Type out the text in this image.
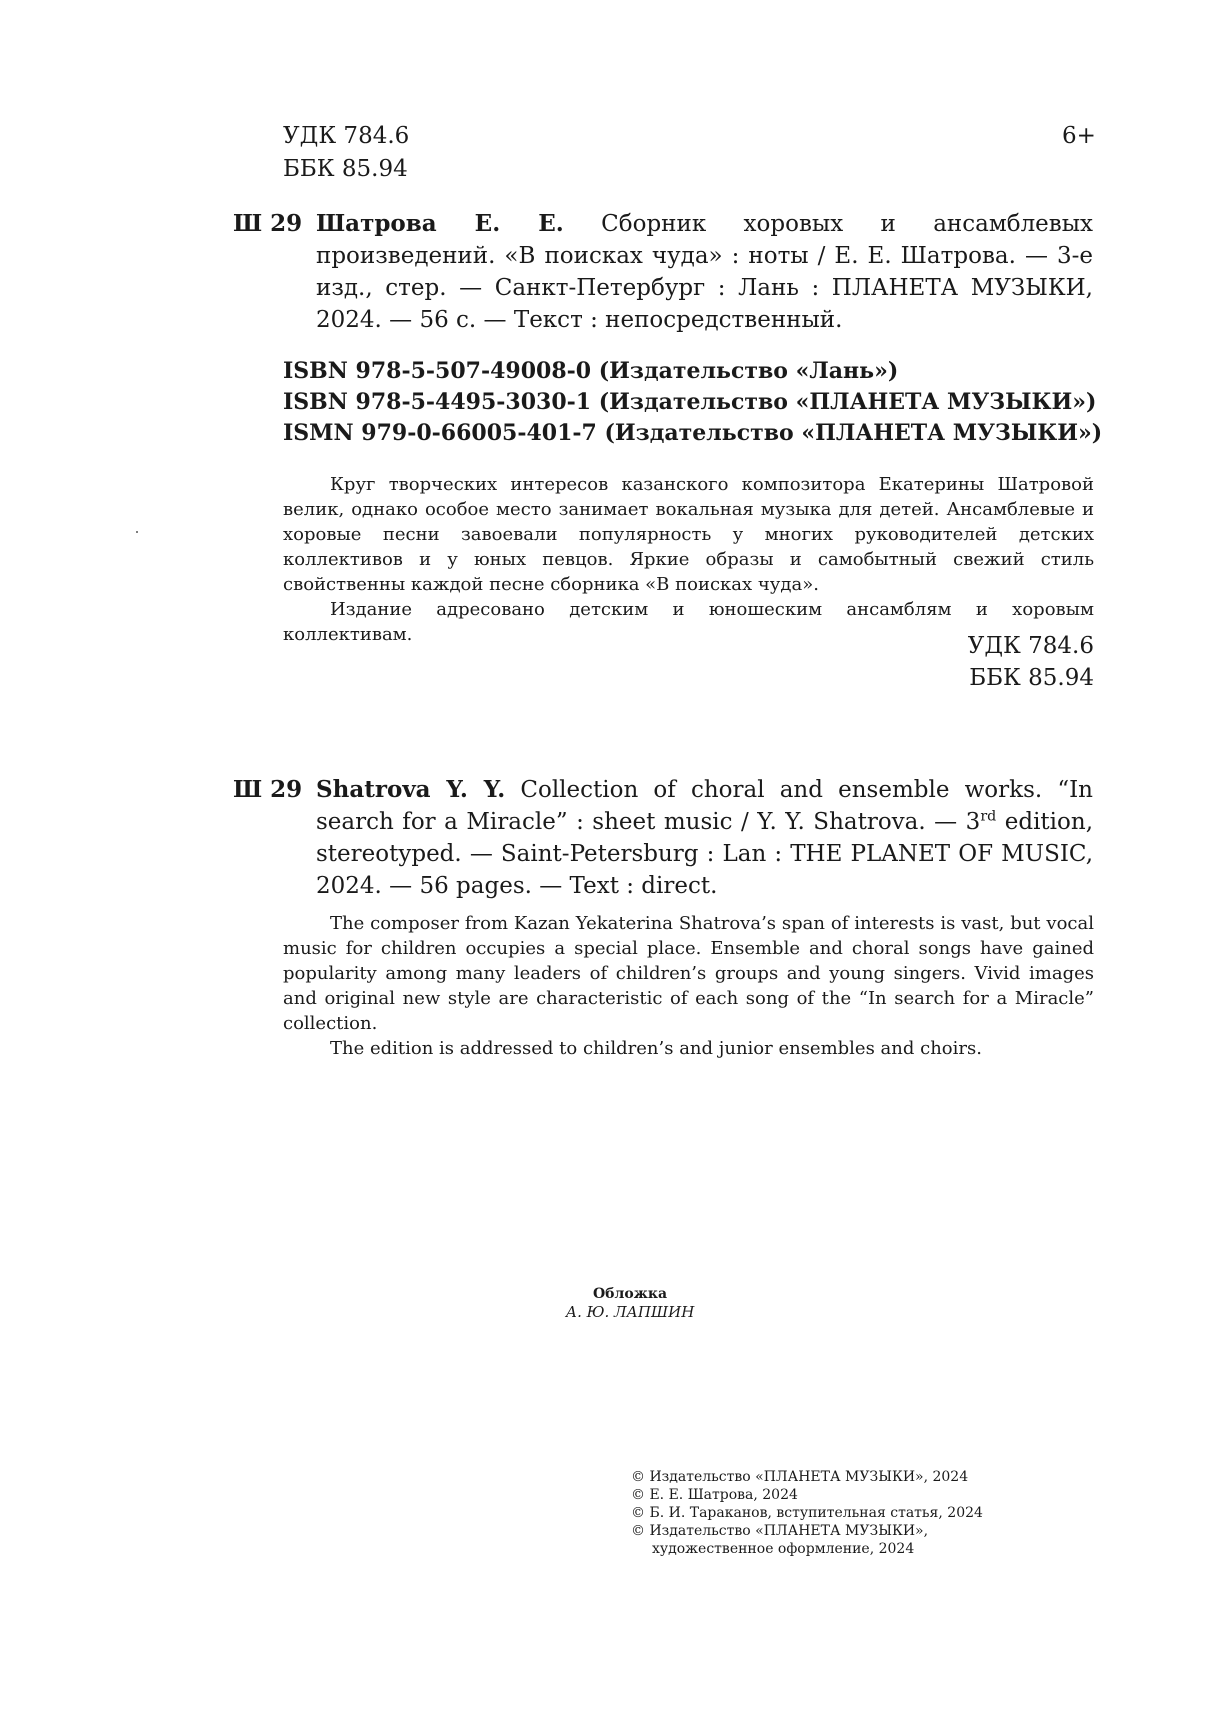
УДК 784.6
ББК 85.94
6+
Ш 29 Шатрова Е. Е. Сборник хоровых и ансамблевых произведений. «В поисках чуда» : ноты / Е. Е. Шатрова. — 3-е изд., стер. — Санкт-Петербург : Лань : ПЛАНЕТА МУЗЫКИ, 2024. — 56 с. — Текст : непосредственный.
ISBN 978-5-507-49008-0 (Издательство «Лань»)
ISBN 978-5-4495-3030-1 (Издательство «ПЛАНЕТА МУЗЫКИ»)
ISMN 979-0-66005-401-7 (Издательство «ПЛАНЕТА МУЗЫКИ»)

Круг творческих интересов казанского композитора Екатерины Шатровой велик, однако особое место занимает вокальная музыка для детей. Ансамблевые и хоровые песни завоевали популярность у многих руководителей детских коллективов и у юных певцов. Яркие образы и самобытный свежий стиль свойственны каждой песне сборника «В поисках чуда».

Издание адресовано детским и юношеским ансамблям и хоровым коллективам.	УДК 784.6
ББК 85.94
Ш 29 Shatrova Y. Y. Collection of choral and ensemble works. “In search for a Miracle” : sheet music / Y. Y. Shatrova. — 3rd edition, stereotyped. — Saint-Petersburg : Lan : THE PLANET OF MUSIC, 2024. — 56 pages. — Text : direct.

The composer from Kazan Yekaterina Shatrova’s span of interests is vast, but vocal music for children occupies a special place. Ensemble and choral songs have gained popularity among many leaders of children’s groups and young singers. Vivid images and original new style are characteristic of each song of the “In search for a Miracle” collection.

The edition is addressed to children’s and junior ensembles and choirs.

Обложка
А. Ю. ЛАПШИН
© Издательство «ПЛАНЕТА МУЗЫКИ», 2024
© Е. Е. Шатрова, 2024
© Б. И. Тараканов, вступительная статья, 2024
© Издательство «ПЛАНЕТА МУЗЫКИ»,
художественное оформление, 2024
